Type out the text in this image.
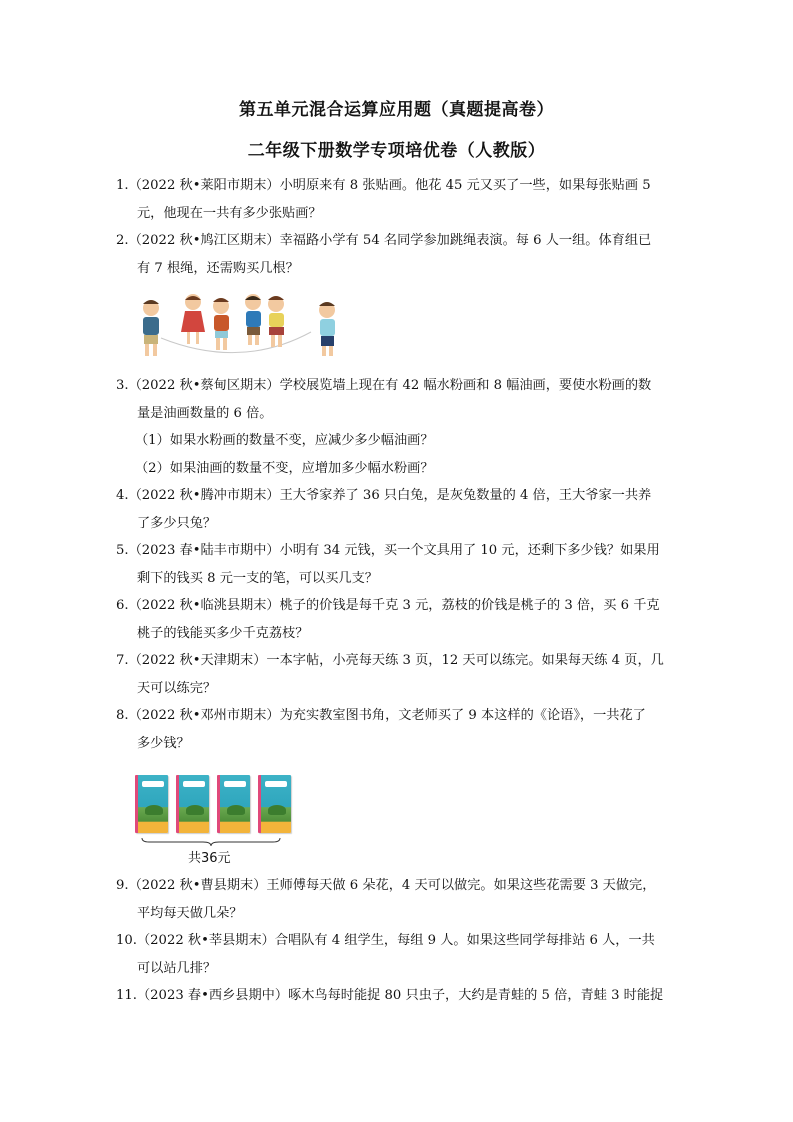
第五单元混合运算应用题（真题提高卷）
二年级下册数学专项培优卷（人教版）
1.（2022 秋•莱阳市期末）小明原来有 8 张贴画。他花 45 元又买了一些，如果每张贴画 5
元，他现在一共有多少张贴画？
2.（2022 秋•鸠江区期末）幸福路小学有 54 名同学参加跳绳表演。每 6 人一组。体育组已
有 7 根绳，还需购买几根？
3.（2022 秋•蔡甸区期末）学校展览墙上现在有 42 幅水粉画和 8 幅油画，要使水粉画的数
量是油画数量的 6 倍。
（1）如果水粉画的数量不变，应减少多少幅油画？
（2）如果油画的数量不变，应增加多少幅水粉画？
4.（2022 秋•腾冲市期末）王大爷家养了 36 只白兔，是灰兔数量的 4 倍，王大爷家一共养
了多少只兔？
5.（2023 春•陆丰市期中）小明有 34 元钱，买一个文具用了 10 元，还剩下多少钱？如果用
剩下的钱买 8 元一支的笔，可以买几支？
6.（2022 秋•临洮县期末）桃子的价钱是每千克 3 元，荔枝的价钱是桃子的 3 倍，买 6 千克
桃子的钱能买多少千克荔枝？
7.（2022 秋•天津期末）一本字帖，小亮每天练 3 页，12 天可以练完。如果每天练 4 页，几
天可以练完？
8.（2022 秋•邓州市期末）为充实教室图书角，文老师买了 9 本这样的《论语》，一共花了
多少钱？
共36元
9.（2022 秋•曹县期末）王师傅每天做 6 朵花，4 天可以做完。如果这些花需要 3 天做完，
平均每天做几朵？
10.（2022 秋•莘县期末）合唱队有 4 组学生，每组 9 人。如果这些同学每排站 6 人，一共
可以站几排？
11.（2023 春•西乡县期中）啄木鸟每时能捉 80 只虫子，大约是青蛙的 5 倍，青蛙 3 时能捉
